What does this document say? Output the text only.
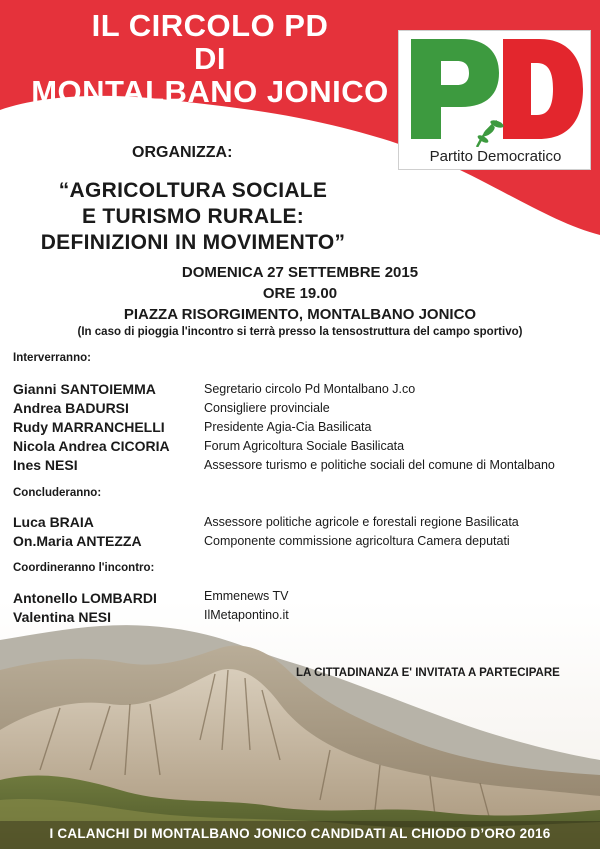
IL CIRCOLO PD
DI
MONTALBANO JONICO
Partito Democratico
ORGANIZZA:
“AGRICOLTURA SOCIALE
E TURISMO RURALE:
DEFINIZIONI IN MOVIMENTO”
DOMENICA 27 SETTEMBRE 2015
ORE 19.00
PIAZZA RISORGIMENTO, MONTALBANO JONICO
(In caso di pioggia l'incontro si terrà presso la tensostruttura del campo sportivo)
Interverranno:
Gianni SANTOIEMMA	Segretario circolo Pd Montalbano J.co
Andrea BADURSI	Consigliere provinciale
Rudy MARRANCHELLI	Presidente Agia-Cia Basilicata
Nicola Andrea CICORIA	Forum Agricoltura Sociale Basilicata
Ines NESI	Assessore turismo e politiche sociali del comune di Montalbano
Concluderanno:
Luca BRAIA	Assessore politiche agricole e forestali regione Basilicata
On.Maria ANTEZZA	Componente commissione agricoltura Camera deputati
Coordineranno l'incontro:
Antonello LOMBARDI	Emmenews TV
Valentina NESI	IlMetapontino.it
LA CITTADINANZA E' INVITATA A PARTECIPARE
I CALANCHI DI MONTALBANO JONICO CANDIDATI AL CHIODO D’ORO 2016
